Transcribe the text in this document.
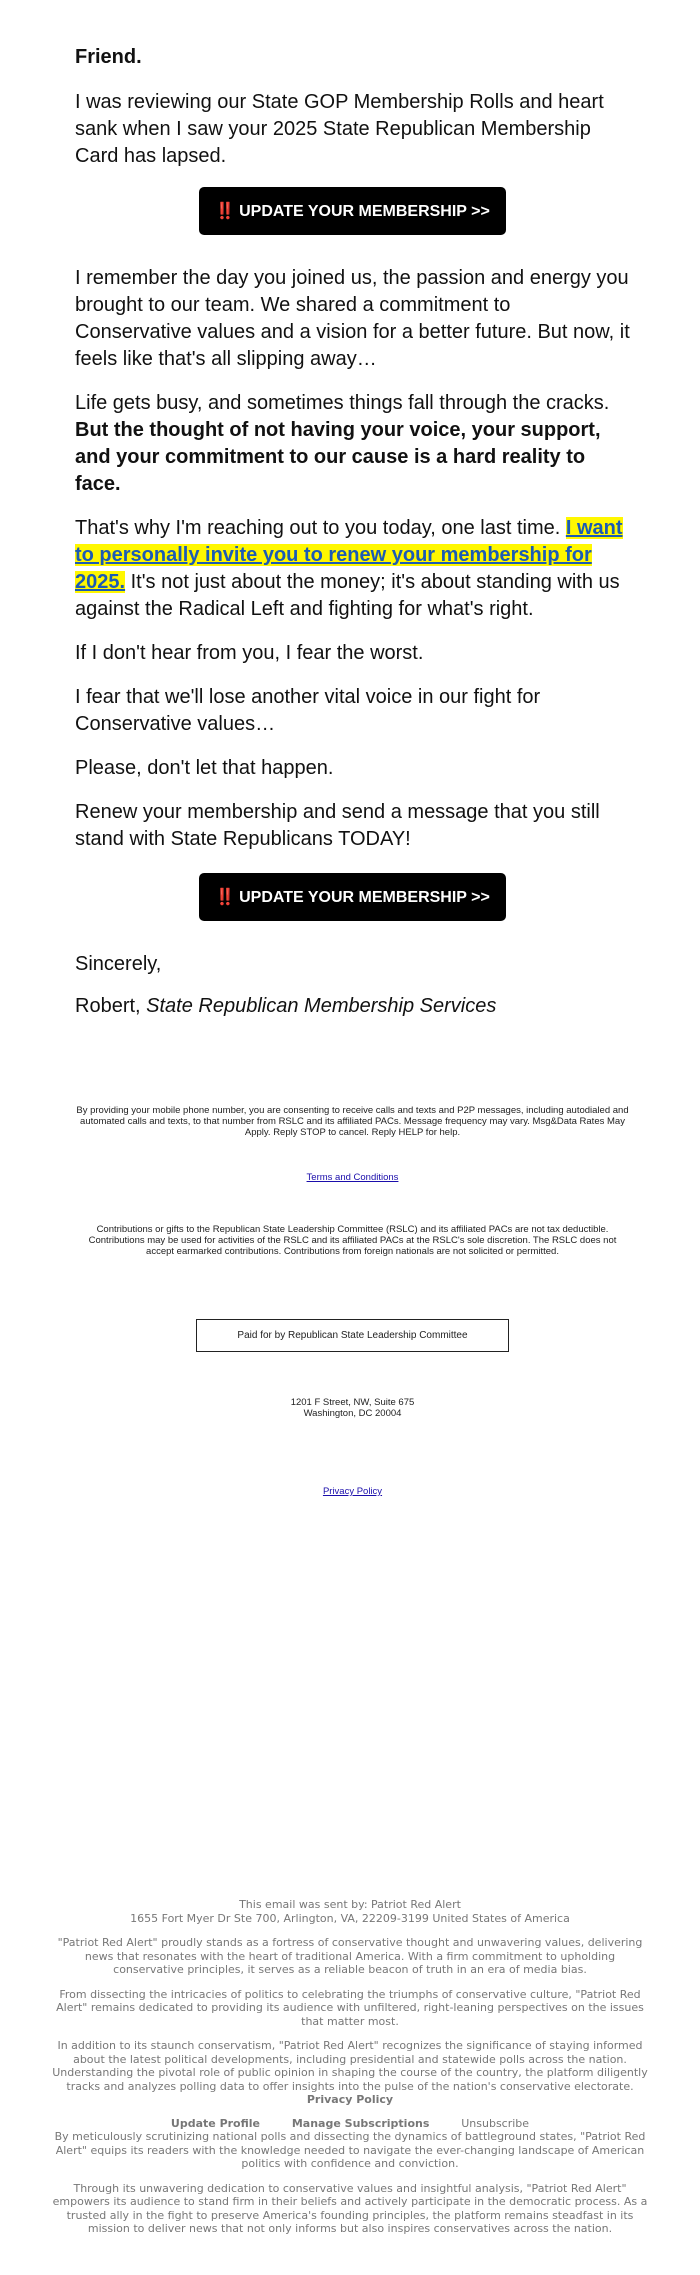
Friend.

I was reviewing our State GOP Membership Rolls and heart sank when I saw your 2025 State Republican Membership Card has lapsed.

‼️ UPDATE YOUR MEMBERSHIP >>

I remember the day you joined us, the passion and energy you brought to our team. We shared a commitment to Conservative values and a vision for a better future. But now, it feels like that's all slipping away…

Life gets busy, and sometimes things fall through the cracks. But the thought of not having your voice, your support, and your commitment to our cause is a hard reality to face.

That's why I'm reaching out to you today, one last time. I want to personally invite you to renew your membership for 2025. It's not just about the money; it's about standing with us against the Radical Left and fighting for what's right.

If I don't hear from you, I fear the worst.

I fear that we'll lose another vital voice in our fight for Conservative values…

Please, don't let that happen.

Renew your membership and send a message that you still stand with State Republicans TODAY!

‼️ UPDATE YOUR MEMBERSHIP >>

Sincerely,

Robert, State Republican Membership Services

By providing your mobile phone number, you are consenting to receive calls and texts and P2P messages, including autodialed and automated calls and texts, to that number from RSLC and its affiliated PACs. Message frequency may vary. Msg&Data Rates May Apply. Reply STOP to cancel. Reply HELP for help.
Terms and Conditions
Contributions or gifts to the Republican State Leadership Committee (RSLC) and its affiliated PACs are not tax deductible. Contributions may be used for activities of the RSLC and its affiliated PACs at the RSLC's sole discretion. The RSLC does not accept earmarked contributions. Contributions from foreign nationals are not solicited or permitted.
Paid for by Republican State Leadership Committee
1201 F Street, NW, Suite 675
Washington, DC 20004
Privacy Policy

This email was sent by: Patriot Red Alert
1655 Fort Myer Dr Ste 700, Arlington, VA, 22209-3199 United States of America

"Patriot Red Alert" proudly stands as a fortress of conservative thought and unwavering values, delivering news that resonates with the heart of traditional America. With a firm commitment to upholding conservative principles, it serves as a reliable beacon of truth in an era of media bias.

From dissecting the intricacies of politics to celebrating the triumphs of conservative culture, "Patriot Red Alert" remains dedicated to providing its audience with unfiltered, right-leaning perspectives on the issues that matter most.

In addition to its staunch conservatism, "Patriot Red Alert" recognizes the significance of staying informed about the latest political developments, including presidential and statewide polls across the nation. Understanding the pivotal role of public opinion in shaping the course of the country, the platform diligently tracks and analyzes polling data to offer insights into the pulse of the nation's conservative electorate.
Privacy Policy

Update Profile	Manage Subscriptions	Unsubscribe

By meticulously scrutinizing national polls and dissecting the dynamics of battleground states, "Patriot Red Alert" equips its readers with the knowledge needed to navigate the ever-changing landscape of American politics with confidence and conviction.

Through its unwavering dedication to conservative values and insightful analysis, "Patriot Red Alert" empowers its audience to stand firm in their beliefs and actively participate in the democratic process. As a trusted ally in the fight to preserve America's founding principles, the platform remains steadfast in its mission to deliver news that not only informs but also inspires conservatives across the nation.
